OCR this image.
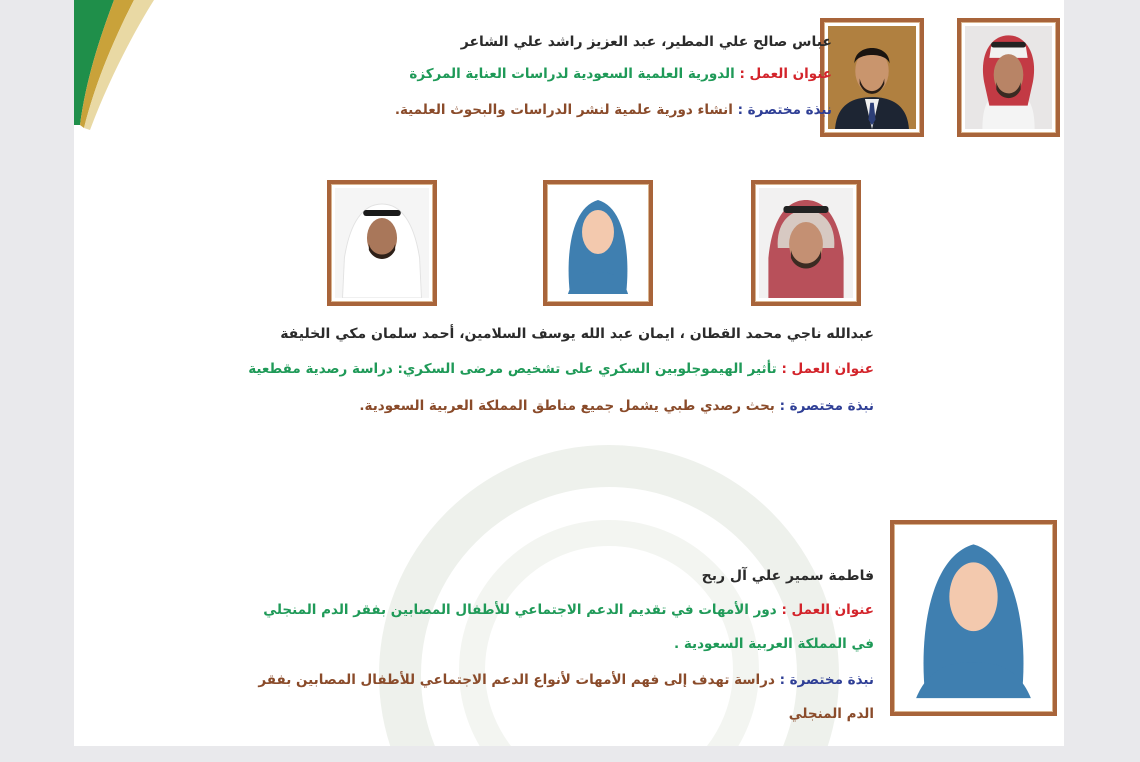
عباس صالح علي المطير، عبد العزيز راشد علي الشاعر
عنوان العمل : الدورية العلمية السعودية لدراسات العناية المركزة
نبذة مختصرة : انشاء دورية علمية لنشر الدراسات والبحوث العلمية.
عبدالله ناجي محمد القطان ، ايمان عبد الله يوسف السلامين، أحمد سلمان مكي الخليفة
عنوان العمل : تأثير الهيموجلوبين السكري على تشخيص مرضى السكري: دراسة رصدية مقطعية
نبذة مختصرة : بحث رصدي طبي يشمل جميع مناطق المملكة العربية السعودية.
فاطمة سمير علي آل ربح
عنوان العمل : دور الأمهات في تقديم الدعم الاجتماعي للأطفال المصابين بفقر الدم المنجلي
في المملكة العربية السعودية .
نبذة مختصرة : دراسة تهدف إلى فهم الأمهات لأنواع الدعم الاجتماعي للأطفال المصابين بفقر
الدم المنجلي
